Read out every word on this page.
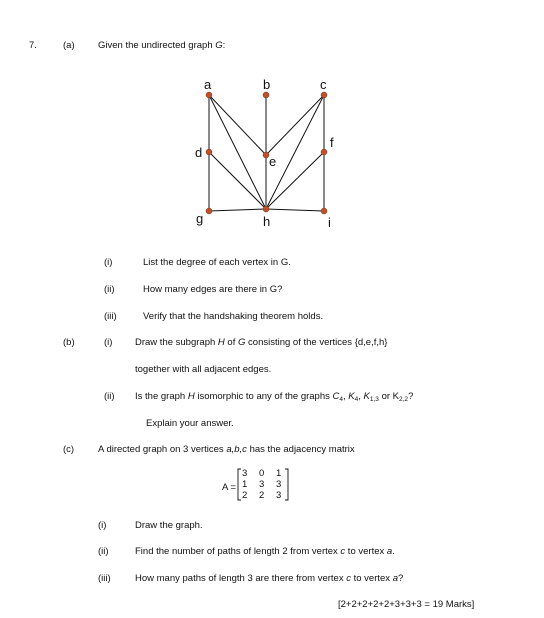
7.	(a) Given the undirected graph G:
a	b	c
d
e
f
g	h	i
(i)	List the degree of each vertex in G.
(ii)	How many edges are there in G?
(iii)	Verify that the handshaking theorem holds.
(b)	(i) Draw the subgraph H of G consisting of the vertices {d,e,f,h}
together with all adjacent edges.
(ii) Is the graph H isomorphic to any of the graphs $C_4$, $K_4$, $K_{1,3}$ or $K_{2,2}$?
Explain your answer.
(c)	A directed graph on 3 vertices a,b,c has the adjacency matrix
A =
3 0 1
1 3 3
2 2 3
(i)	Draw the graph.
(ii)	Find the number of paths of length 2 from vertex c to vertex a.
(iii)	How many paths of length 3 are there from vertex c to vertex a?
[2+2+2+2+2+3+3+3 = 19 Marks]
